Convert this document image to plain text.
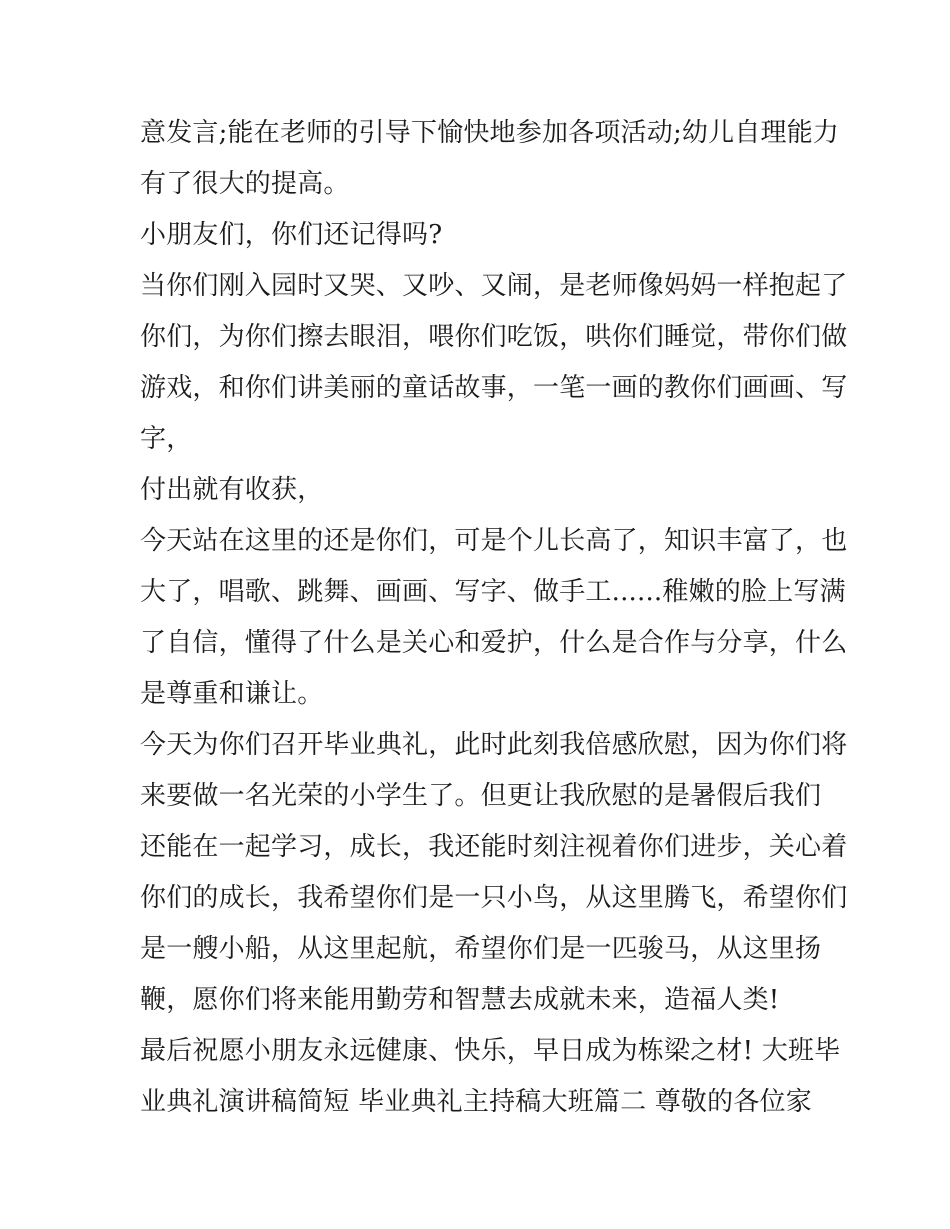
意发言;能在老师的引导下愉快地参加各项活动;幼儿自理能力
有了很大的提高。
小朋友们，你们还记得吗?
当你们刚入园时又哭、又吵、又闹，是老师像妈妈一样抱起了
你们，为你们擦去眼泪，喂你们吃饭，哄你们睡觉，带你们做
游戏，和你们讲美丽的童话故事，一笔一画的教你们画画、写
字，
付出就有收获，
今天站在这里的还是你们，可是个儿长高了，知识丰富了，也
大了，唱歌、跳舞、画画、写字、做手工......稚嫩的脸上写满
了自信，懂得了什么是关心和爱护，什么是合作与分享，什么
是尊重和谦让。
今天为你们召开毕业典礼，此时此刻我倍感欣慰，因为你们将
来要做一名光荣的小学生了。但更让我欣慰的是暑假后我们
还能在一起学习，成长，我还能时刻注视着你们进步，关心着
你们的成长，我希望你们是一只小鸟，从这里腾飞，希望你们
是一艘小船，从这里起航，希望你们是一匹骏马，从这里扬
鞭，愿你们将来能用勤劳和智慧去成就未来，造福人类!
最后祝愿小朋友永远健康、快乐，早日成为栋梁之材! 大班毕
业典礼演讲稿简短 毕业典礼主持稿大班篇二 尊敬的各位家
